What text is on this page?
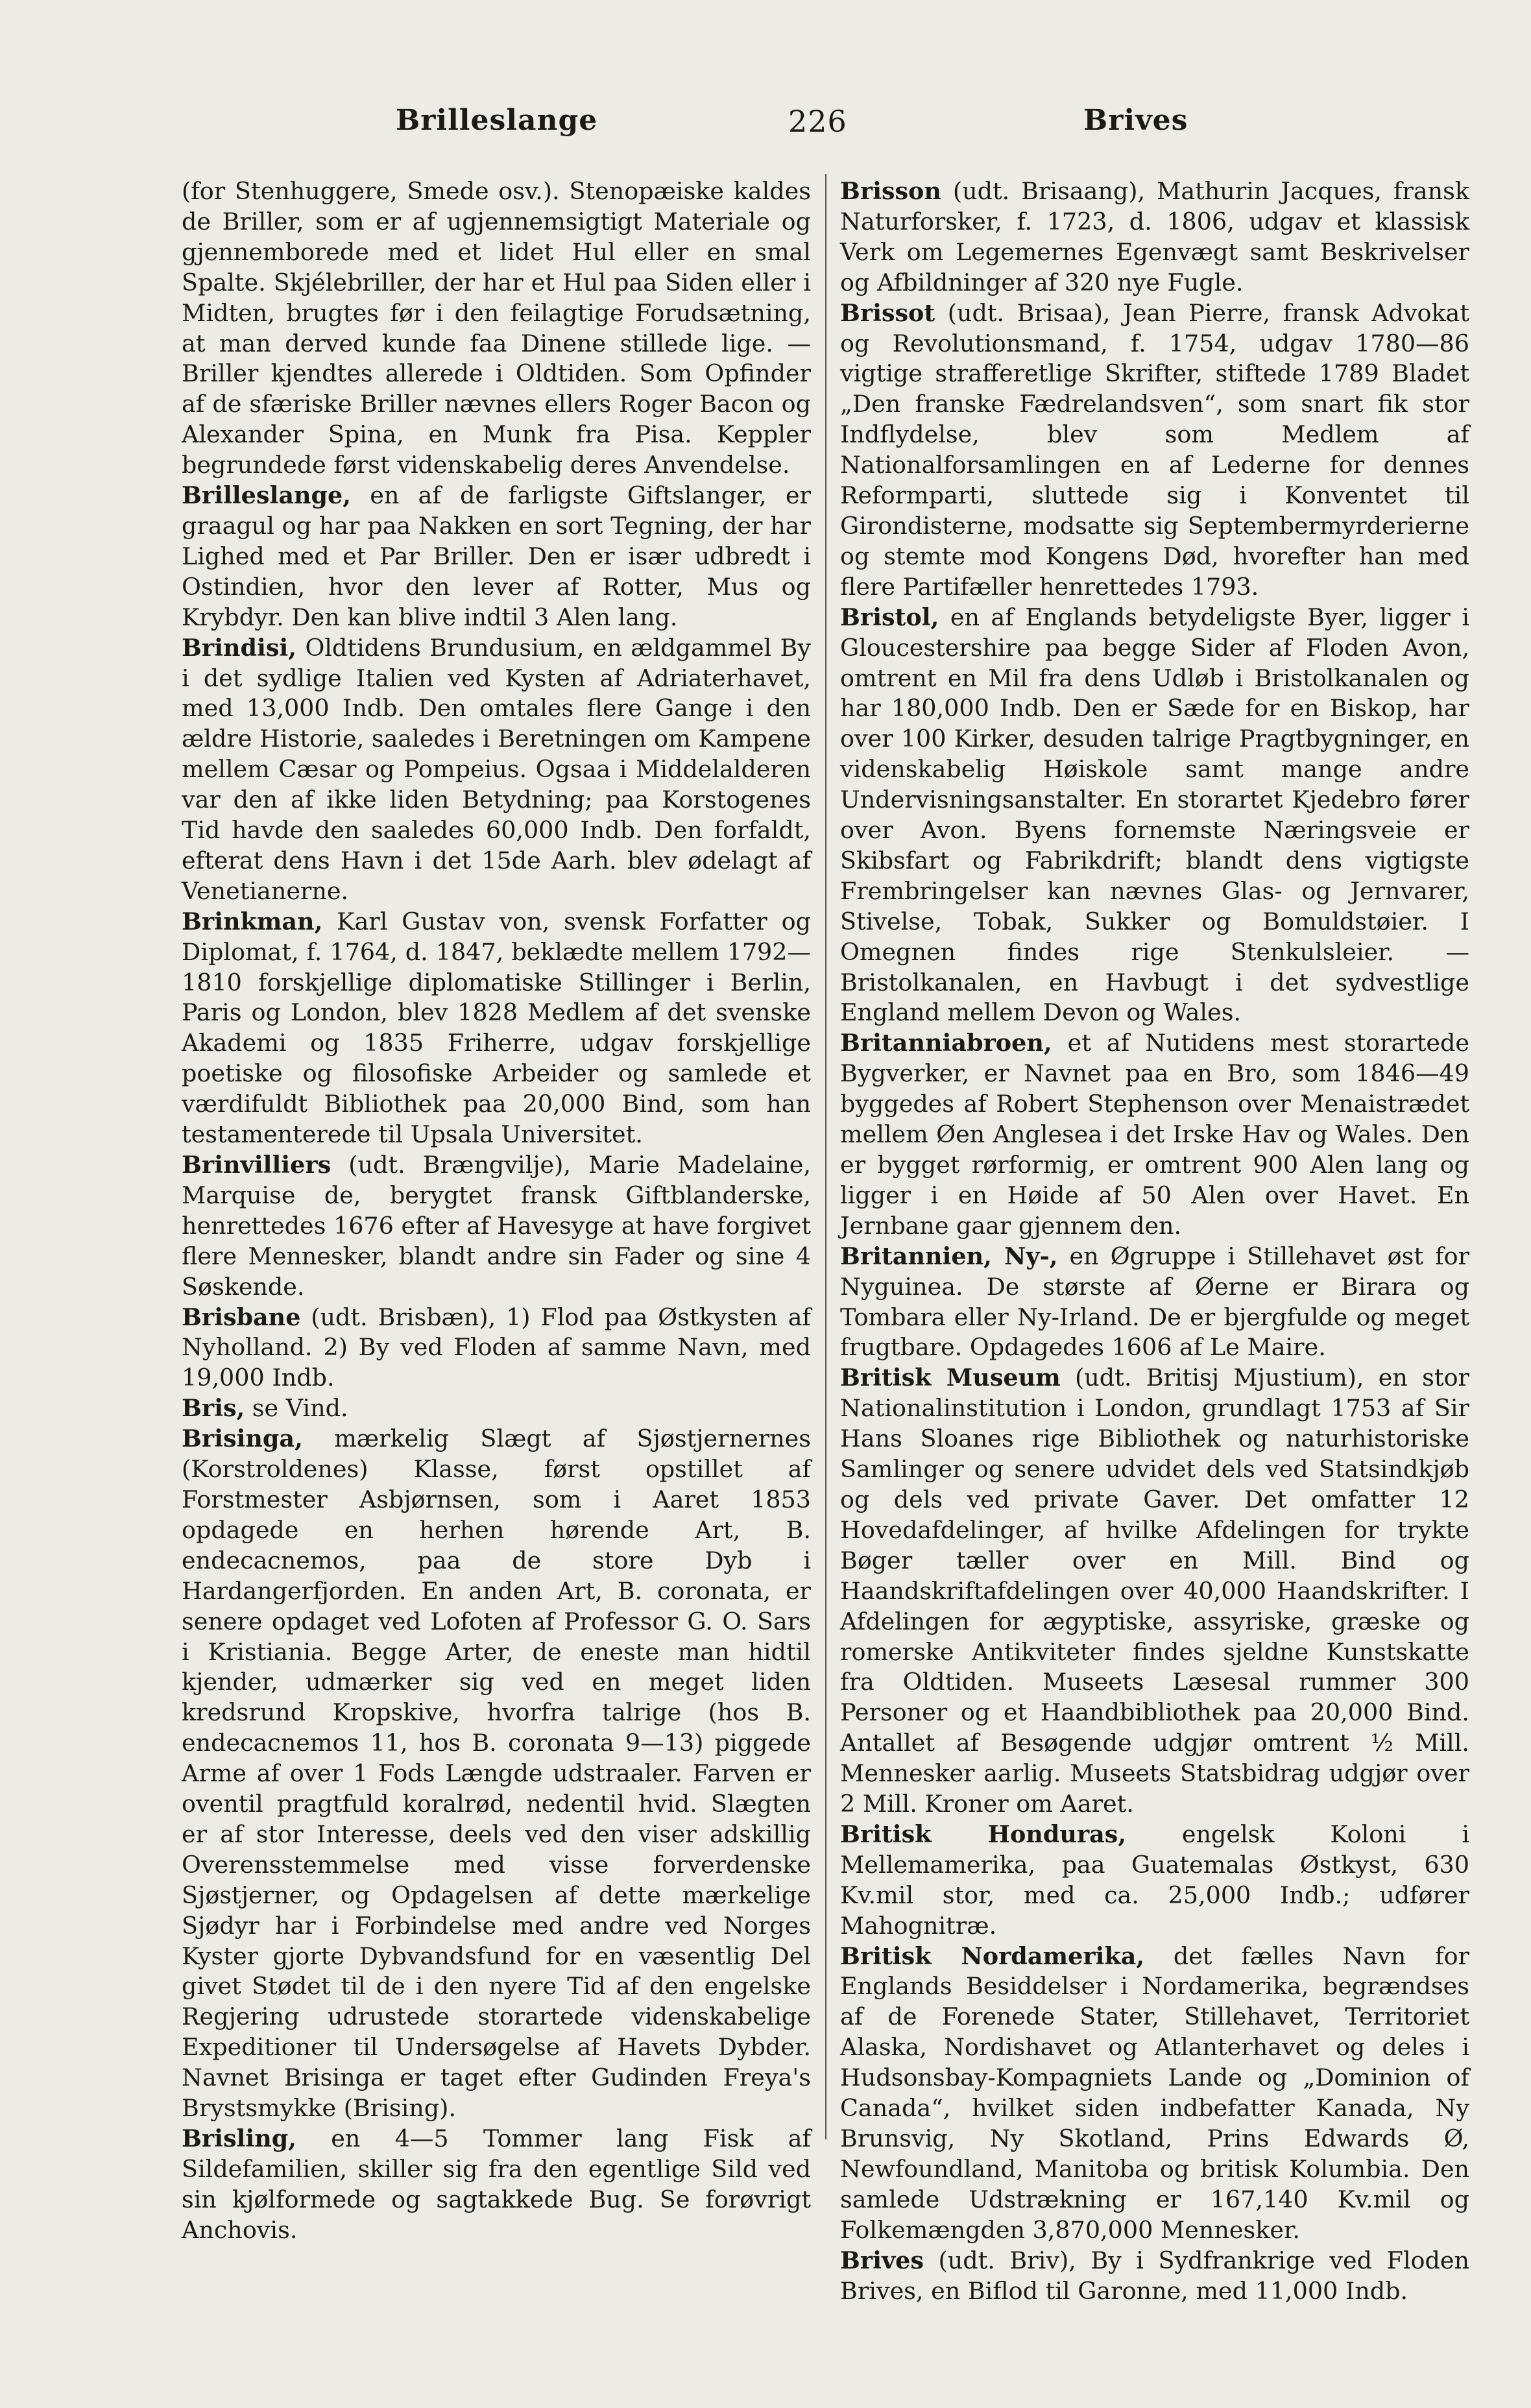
Brilleslange	226	Brives

(for Stenhuggere, Smede osv.). Stenopæiske kaldes de Briller, som er af ugjennemsigtigt Materiale og gjennemborede med et lidet Hul eller en smal Spalte. Skjélebriller, der har et Hul paa Siden eller i Midten, brugtes før i den feilagtige Forudsætning, at man derved kunde faa Dinene stillede lige. — Briller kjendtes allerede i Oldtiden. Som Opfinder af de sfæriske Briller nævnes ellers Roger Bacon og Alexander Spina, en Munk fra Pisa. Keppler begrundede først videnskabelig deres Anvendelse.

Brilleslange, en af de farligste Giftslanger, er graagul og har paa Nakken en sort Tegning, der har Lighed med et Par Briller. Den er især udbredt i Ostindien, hvor den lever af Rotter, Mus og Krybdyr. Den kan blive indtil 3 Alen lang.

Brindisi, Oldtidens Brundusium, en ældgammel By i det sydlige Italien ved Kysten af Adriaterhavet, med 13,000 Indb. Den omtales flere Gange i den ældre Historie, saaledes i Beretningen om Kampene mellem Cæsar og Pompeius. Ogsaa i Middelalderen var den af ikke liden Betydning; paa Korstogenes Tid havde den saaledes 60,000 Indb. Den forfaldt, efterat dens Havn i det 15de Aarh. blev ødelagt af Venetianerne.

Brinkman, Karl Gustav von, svensk Forfatter og Diplomat, f. 1764, d. 1847, beklædte mellem 1792—1810 forskjellige diplomatiske Stillinger i Berlin, Paris og London, blev 1828 Medlem af det svenske Akademi og 1835 Friherre, udgav forskjellige poetiske og filosofiske Arbeider og samlede et værdifuldt Bibliothek paa 20,000 Bind, som han testamenterede til Upsala Universitet.

Brinvilliers (udt. Brængvilje), Marie Madelaine, Marquise de, berygtet fransk Giftblanderske, henrettedes 1676 efter af Havesyge at have forgivet flere Mennesker, blandt andre sin Fader og sine 4 Søskende.

Brisbane (udt. Brisbæn), 1) Flod paa Østkysten af Nyholland. 2) By ved Floden af samme Navn, med 19,000 Indb.

Bris, se Vind.

Brisinga, mærkelig Slægt af Sjøstjernernes (Korstroldenes) Klasse, først opstillet af Forstmester Asbjørnsen, som i Aaret 1853 opdagede en herhen hørende Art, B. endecacnemos, paa de store Dyb i Hardangerfjorden. En anden Art, B. coronata, er senere opdaget ved Lofoten af Professor G. O. Sars i Kristiania. Begge Arter, de eneste man hidtil kjender, udmærker sig ved en meget liden kredsrund Kropskive, hvorfra talrige (hos B. endecacnemos 11, hos B. coronata 9—13) piggede Arme af over 1 Fods Længde udstraaler. Farven er oventil pragtfuld koralrød, nedentil hvid. Slægten er af stor Interesse, deels ved den viser adskillig Overensstemmelse med visse forverdenske Sjøstjerner, og Opdagelsen af dette mærkelige Sjødyr har i Forbindelse med andre ved Norges Kyster gjorte Dybvandsfund for en væsentlig Del givet Stødet til de i den nyere Tid af den engelske Regjering udrustede storartede videnskabelige Expeditioner til Undersøgelse af Havets Dybder. Navnet Brisinga er taget efter Gudinden Freya's Brystsmykke (Brising).

Brisling, en 4—5 Tommer lang Fisk af Sildefamilien, skiller sig fra den egentlige Sild ved sin kjølformede og sagtakkede Bug. Se forøvrigt Anchovis.

Brisson (udt. Brisaang), Mathurin Jacques, fransk Naturforsker, f. 1723, d. 1806, udgav et klassisk Verk om Legemernes Egenvægt samt Beskrivelser og Afbildninger af 320 nye Fugle.

Brissot (udt. Brisaa), Jean Pierre, fransk Advokat og Revolutionsmand, f. 1754, udgav 1780—86 vigtige strafferetlige Skrifter, stiftede 1789 Bladet „Den franske Fædrelandsven“, som snart fik stor Indflydelse, blev som Medlem af Nationalforsamlingen en af Lederne for dennes Reformparti, sluttede sig i Konventet til Girondisterne, modsatte sig Septembermyrderierne og stemte mod Kongens Død, hvorefter han med flere Partifæller henrettedes 1793.

Bristol, en af Englands betydeligste Byer, ligger i Gloucestershire paa begge Sider af Floden Avon, omtrent en Mil fra dens Udløb i Bristolkanalen og har 180,000 Indb. Den er Sæde for en Biskop, har over 100 Kirker, desuden talrige Pragtbygninger, en videnskabelig Høiskole samt mange andre Undervisningsanstalter. En storartet Kjedebro fører over Avon. Byens fornemste Næringsveie er Skibsfart og Fabrikdrift; blandt dens vigtigste Frembringelser kan nævnes Glas- og Jernvarer, Stivelse, Tobak, Sukker og Bomuldstøier. I Omegnen findes rige Stenkulsleier. — Bristolkanalen, en Havbugt i det sydvestlige England mellem Devon og Wales.

Britanniabroen, et af Nutidens mest storartede Bygverker, er Navnet paa en Bro, som 1846—49 byggedes af Robert Stephenson over Menaistrædet mellem Øen Anglesea i det Irske Hav og Wales. Den er bygget rørformig, er omtrent 900 Alen lang og ligger i en Høide af 50 Alen over Havet. En Jernbane gaar gjennem den.

Britannien, Ny-, en Øgruppe i Stillehavet øst for Nyguinea. De største af Øerne er Birara og Tombara eller Ny-Irland. De er bjergfulde og meget frugtbare. Opdagedes 1606 af Le Maire.

Britisk Museum (udt. Britisj Mjustium), en stor Nationalinstitution i London, grundlagt 1753 af Sir Hans Sloanes rige Bibliothek og naturhistoriske Samlinger og senere udvidet dels ved Statsindkjøb og dels ved private Gaver. Det omfatter 12 Hovedafdelinger, af hvilke Afdelingen for trykte Bøger tæller over en Mill. Bind og Haandskriftafdelingen over 40,000 Haandskrifter. I Afdelingen for ægyptiske, assyriske, græske og romerske Antikviteter findes sjeldne Kunstskatte fra Oldtiden. Museets Læsesal rummer 300 Personer og et Haandbibliothek paa 20,000 Bind. Antallet af Besøgende udgjør omtrent ½ Mill. Mennesker aarlig. Museets Statsbidrag udgjør over 2 Mill. Kroner om Aaret.

Britisk Honduras, engelsk Koloni i Mellemamerika, paa Guatemalas Østkyst, 630 Kv.mil stor, med ca. 25,000 Indb.; udfører Mahognitræ.

Britisk Nordamerika, det fælles Navn for Englands Besiddelser i Nordamerika, begrændses af de Forenede Stater, Stillehavet, Territoriet Alaska, Nordishavet og Atlanterhavet og deles i Hudsonsbay-Kompagniets Lande og „Dominion of Canada“, hvilket siden indbefatter Kanada, Ny Brunsvig, Ny Skotland, Prins Edwards Ø, Newfoundland, Manitoba og britisk Kolumbia. Den samlede Udstrækning er 167,140 Kv.mil og Folkemængden 3,870,000 Mennesker.

Brives (udt. Briv), By i Sydfrankrige ved Floden Brives, en Biflod til Garonne, med 11,000 Indb.
